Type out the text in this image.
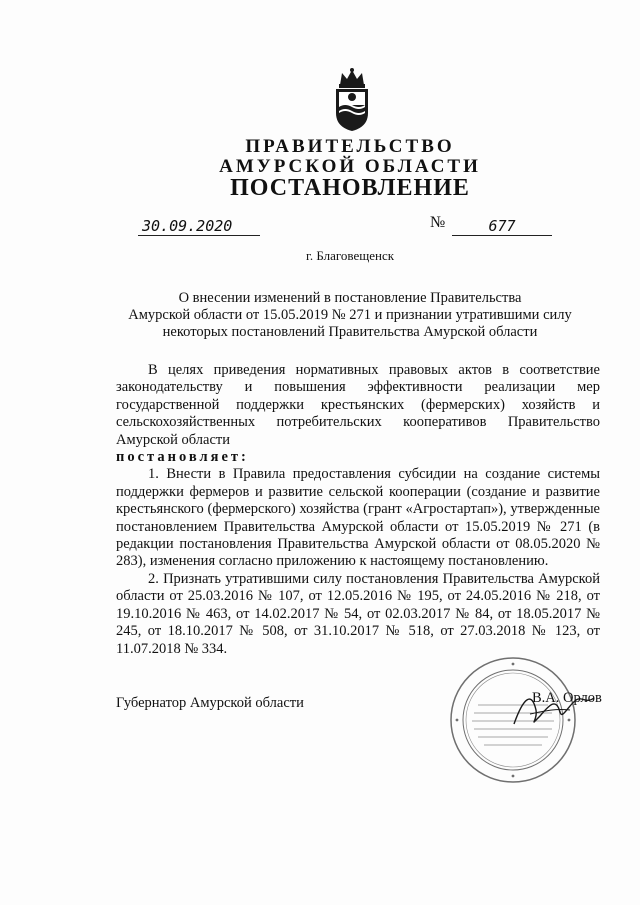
ПРАВИТЕЛЬСТВО
АМУРСКОЙ ОБЛАСТИ
ПОСТАНОВЛЕНИЕ
30.09.2020	№	677
г. Благовещенск
О внесении изменений в постановление Правительства
Амурской области от 15.05.2019 № 271 и признании утратившими силу
некоторых постановлений Правительства Амурской области

В целях приведения нормативных правовых актов в соответствие законодательству и повышения эффективности реализации мер государственной поддержки крестьянских (фермерских) хозяйств и сельскохозяйственных потребительских кооперативов Правительство Амурской области

постановляет:

1. Внести в Правила предоставления субсидии на создание системы поддержки фермеров и развитие сельской кооперации (создание и развитие крестьянского (фермерского) хозяйства (грант «Агростартап»), утвержденные постановлением Правительства Амурской области от 15.05.2019 № 271 (в редакции постановления Правительства Амурской области от 08.05.2020 № 283), изменения согласно приложению к настоящему постановлению.

2. Признать утратившими силу постановления Правительства Амурской области от 25.03.2016 № 107, от 12.05.2016 № 195, от 24.05.2016 № 218, от 19.10.2016 № 463, от 14.02.2017 № 54, от 02.03.2017 № 84, от 18.05.2017 № 245, от 18.10.2017 № 508, от 31.10.2017 № 518, от 27.03.2018 № 123, от 11.07.2018 № 334.

Губернатор Амурской области	В.А. Орлов
